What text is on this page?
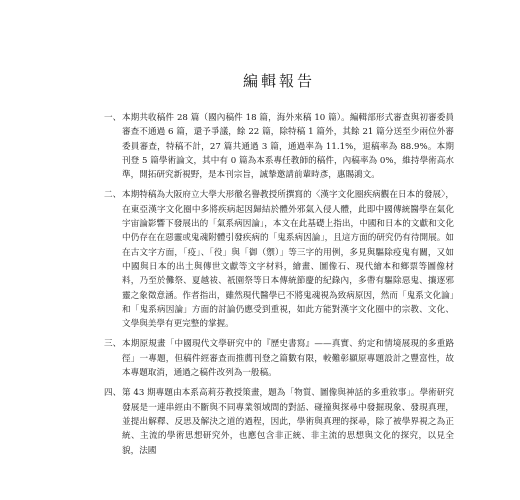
編輯報告
一、 本期共收稿件 28 篇（國內稿件 18 篇，海外來稿 10 篇）。編輯部形式審查與初審委員審查不通過 6 篇，還予爭議，餘 22 篇，除特稿 1 篇外，其餘 21 篇分送至少兩位外審委員審查，特稿不計，27 篇共通過 3 篇，通過率為 11.1%，退稿率為 88.9%。本期刊登 5 篇學術論文，其中有 0 篇為本系專任教師的稿件，內稿率為 0%，維持學術高水準，開拓研究新視野，是本刊宗旨，誠摯邀請前輩時彥，惠賜鴻文。
二、 本期特稿為大阪府立大學大形徹名譽教授所撰寫的〈漢字文化圈疾病觀在日本的發展〉，在東亞漢字文化圈中多將疾病起因歸結於體外邪氣入侵人體，此即中國傳統醫學在氣化宇宙論影響下發展出的「氣系病因論」，本文在此基礎上指出，中國和日本的文獻和文化中仍存在在惡靈或鬼魂附體引發疾病的「鬼系病因論」，且這方面的研究仍有待開展。如在古文字方面，「疫」、「役」與「御（禦）」等三字的用例，多見與驅除疫鬼有關，又如中國與日本的出土與傳世文獻等文字材料，繪畫、圖像石、現代繪本和鄉票等圖像材料，乃至於儺祭、夏越祓、祇園祭等日本傳統節慶的紀錄內，多帶有驅除惡鬼、攘逐邪靈之象徵意涵。作者指出，雖然現代醫學已不將鬼魂視為致病原因，然而「鬼系文化論」和「鬼系病因論」方面的討論仍應受到重視，如此方能對漢字文化圈中的宗教、文化、文學與美學有更完整的掌握。
三、 本期原規畫「中國現代文學研究中的『歷史書寫』——真實、約定和情境展現的多重路徑」一專題，但稿件經審查而推薦刊登之篇數有限，較難彰顯原專題設計之豐富性，故本專題取消，通過之稿件改列為一般稿。
四、 第 43 期專題由本系高莉芬教授策畫，題為「物質、圖像與神話的多重敘事」。學術研究發展是一連串經由不斷與不同專業領域間的對話、碰撞與探尋中發掘現象、發現真理，並提出解釋、反思及解決之道的過程，因此，學術與真理的探尋，除了被學界視之為正統、主流的學術思想研究外，也應包含非正統、非主流的思想與文化的探究，以見全貌，法國
